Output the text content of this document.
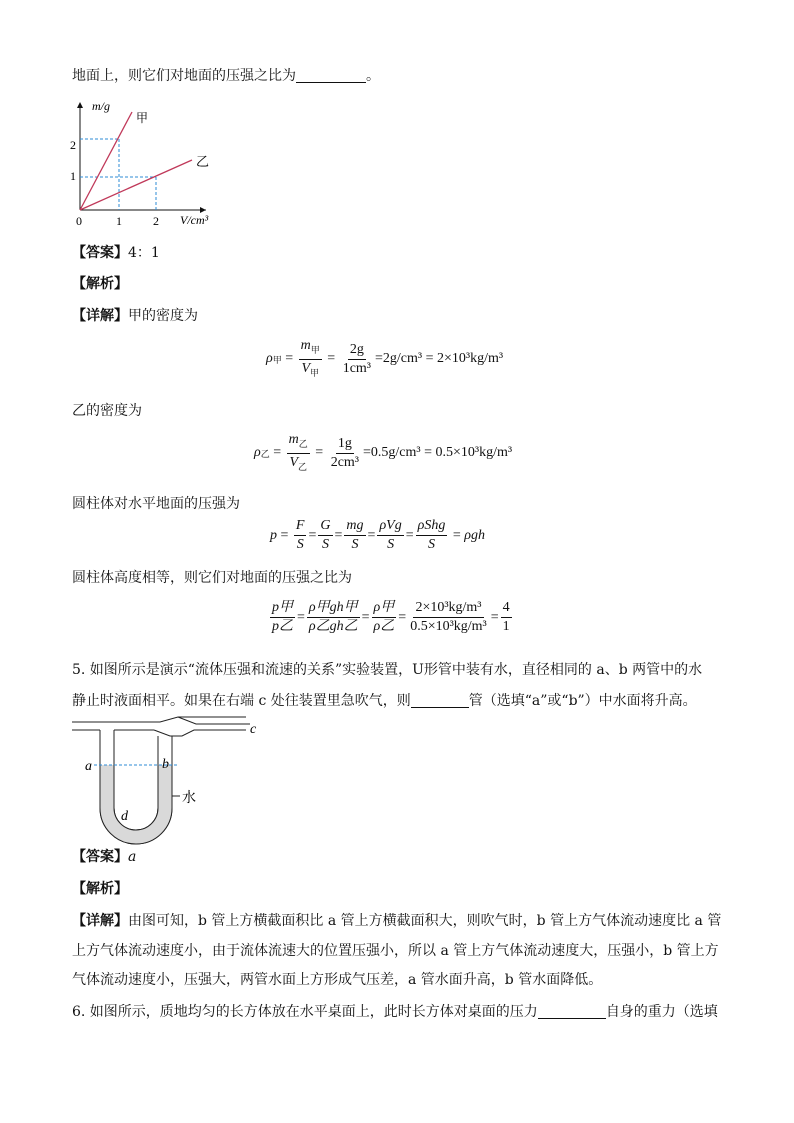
地面上，则它们对地面的压强之比为	。
m/g
甲
乙
2
1
0	1	2 V/cm³
【答案】4：1
【解析】
【详解】甲的密度为
ρ 甲 = $\frac{m_甲}{V_甲} = \frac{2g}{\text{1cm³}} =2g/cm^3 = 2\times 10^3kg/m^3$
乙的密度为
ρ 乙 = $\frac{m_乙}{V_乙} = \frac{1g}{\text{2cm³}} =0.5g/cm^3 = 0.5\times 10^3kg/m^3$
圆柱体对水平地面的压强为
$p = \frac{F}{S} = \frac{G}{S} = \frac{mg}{S} = \frac{\text{ρVg}}{S} = \frac{\text{ρShg}}{S} = \rho gh$
圆柱体高度相等，则它们对地面的压强之比为
$\frac{\text{p甲}}{\text{p乙}} = \frac{\text{ρ甲gh甲}}{\text{ρ乙gh乙}} = \frac{\text{ρ甲}}{\text{ρ乙}} = \frac{\text{2×10³kg/m³}}{\text{0.5×10³kg/m³}} = \frac{4}{1}$
5. 如图所示是演示“流体压强和流速的关系”实验装置，U形管中装有水，直径相同的 a、b 两管中的水
静止时液面相平。如果在右端 c 处往装置里急吹气，则	管（选填“a”或“b”）中水面将升高。
a	b
c
d
水
【答案】a
【解析】
【详解】由图可知，b 管上方横截面积比 a 管上方横截面积大，则吹气时，b 管上方气体流动速度比 a 管
上方气体流动速度小，由于流体流速大的位置压强小，所以 a 管上方气体流动速度大，压强小，b 管上方
气体流动速度小，压强大，两管水面上方形成气压差，a 管水面升高，b 管水面降低。
6. 如图所示，质地均匀的长方体放在水平桌面上，此时长方体对桌面的压力	自身的重力（选填
